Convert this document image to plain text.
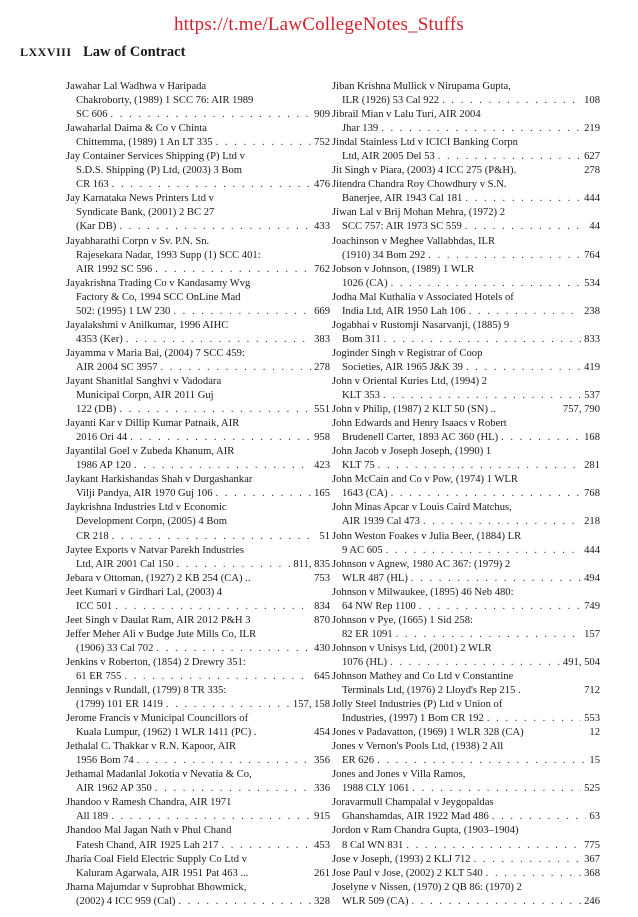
https://t.me/LawCollegeNotes_Stuffs
LXXVIII Law of Contract
Jawahar Lal Wadhwa v Haripada
Chakroborty, (1989) 1 SCC 76: AIR 1989
SC 606 . . .	909
Jawaharlal Daima & Co v Chinta
Chittemma, (1989) 1 An LT 335 . . .	752
Jay Container Services Shipping (P) Ltd v
S.D.S. Shipping (P) Ltd, (2003) 3 Bom
CR 163 . . .	476
Jay Karnataka News Printers Ltd v
Syndicate Bank, (2001) 2 BC 27
(Kar DB) . . .	433
Jayabharathi Corpn v Sv. P.N. Sn.
Rajesekara Nadar, 1993 Supp (1) SCC 401:
AIR 1992 SC 596 . . .	762
Jayakrishna Trading Co v Kandasamy Wvg
Factory & Co, 1994 SCC OnLine Mad
502: (1995) 1 LW 230 . . .	669
Jayalakshmi v Anilkumar, 1996 AIHC
4353 (Ker) . . .	383
Jayamma v Maria Bai, (2004) 7 SCC 459:
AIR 2004 SC 3957 . . .	278
Jayant Shanitlal Sanghvi v Vadodara
Municipal Corpn, AIR 2011 Guj
122 (DB) . . .	551
Jayanti Kar v Dillip Kumar Patnaik, AIR
2016 Ori 44 . . .	958
Jayantilal Goel v Zubeda Khanum, AIR
1986 AP 120 . . .	423
Jaykant Harkishandas Shah v Durgashankar
Vilji Pandya, AIR 1970 Guj 106 . . .	165
Jaykrishna Industries Ltd v Economic
Development Corpn, (2005) 4 Bom
CR 218 . . .	51
Jaytee Exports v Natvar Parekh Industries
Ltd, AIR 2001 Cal 150 . . .	811, 835
Jebara v Ottoman, (1927) 2 KB 254 (CA) ..	753
Jeet Kumari v Girdhari Lal, (2003) 4
ICC 501 . . .	834
Jeet Singh v Daulat Ram, AIR 2012 P&H 3	870
Jeffer Meher Ali v Budge Jute Mills Co, ILR
(1906) 33 Cal 702 . . .	430
Jenkins v Roberton, (1854) 2 Drewry 351:
61 ER 755 . . .	645
Jennings v Rundall, (1799) 8 TR 335:
(1799) 101 ER 1419 . . .	157, 158
Jerome Francis v Municipal Councillors of
Kuala Lumpur, (1962) 1 WLR 1411 (PC) .	454
Jethalal C. Thakkar v R.N. Kapoor, AIR
1956 Bom 74 . . .	356
Jethamal Madanlal Jokotia v Nevatia & Co,
AIR 1962 AP 350 . . .	336
Jhandoo v Ramesh Chandra, AIR 1971
All 189 . . .	915
Jhandoo Mal Jagan Nath v Phul Chand
Fatesh Chand, AIR 1925 Lah 217 . . .	453
Jharia Coal Field Electric Supply Co Ltd v
Kaluram Agarwala, AIR 1951 Pat 463 ...	261
Jharna Majumdar v Suprobhat Bhowmick,
(2002) 4 ICC 959 (Cal) . . .	328
Jiban Krishna Mullick v Nirupama Gupta,
ILR (1926) 53 Cal 922 . . .	108
Jibrail Mian v Lalu Turi, AIR 2004
Jhar 139 . . .	219
Jindal Stainless Ltd v ICICI Banking Corpn
Ltd, AIR 2005 Del 53 . . .	627
Jit Singh v Piara, (2003) 4 ICC 275 (P&H).	278
Jitendra Chandra Roy Chowdhury v S.N.
Banerjee, AIR 1943 Cal 181 . . .	444
Jiwan Lal v Brij Mohan Mehra, (1972) 2
SCC 757: AIR 1973 SC 559 . . .	44
Joachinson v Meghee Vallabhdas, ILR
(1910) 34 Bom 292 . . .	764
Jobson v Johnson, (1989) 1 WLR
1026 (CA) . . .	534
Jodha Mal Kuthalia v Associated Hotels of
India Ltd, AIR 1950 Lah 106 . . .	238
Jogabhai v Rustomji Nasarvanji, (1885) 9
Bom 311 . . .	833
Joginder Singh v Registrar of Coop
Societies, AIR 1965 J&K 39 . . .	419
John v Oriental Kuries Ltd, (1994) 2
KLT 353 . . .	537
John v Philip, (1987) 2 KLT 50 (SN) ..	757, 790
John Edwards and Henry Isaacs v Robert
Brudenell Carter, 1893 AC 360 (HL) . . .	168
John Jacob v Joseph Joseph, (1990) 1
KLT 75 . . .	281
John McCain and Co v Pow, (1974) 1 WLR
1643 (CA) . . .	768
John Minas Apcar v Louis Caird Matchus,
AIR 1939 Cal 473 . . .	218
John Weston Foakes v Julia Beer, (1884) LR
9 AC 605 . . .	444
Johnson v Agnew, 1980 AC 367: (1979) 2
WLR 487 (HL) . . .	494
Johnson v Milwaukee, (1895) 46 Neb 480:
64 NW Rep 1100 . . .	749
Johnson v Pye, (1665) 1 Sid 258:
82 ER 1091 . . .	157
Johnson v Unisys Ltd, (2001) 2 WLR
1076 (HL) . . .	491, 504
Johnson Mathey and Co Ltd v Constantine
Terminals Ltd, (1976) 2 Lloyd's Rep 215 .	712
Jolly Steel Industries (P) Ltd v Union of
Industries, (1997) 1 Bom CR 192 . . .	553
Jones v Padavatton, (1969) 1 WLR 328 (CA)	12
Jones v Vernon's Pools Ltd, (1938) 2 All
ER 626 . . .	15
Jones and Jones v Villa Ramos,
1988 CLY 1061 . . .	525
Joravarmull Champalal v Jeygopaldas
Ghanshamdas, AIR 1922 Mad 486 . . .	63
Jordon v Ram Chandra Gupta, (1903–1904)
8 Cal WN 831 . . .	775
Jose v Joseph, (1993) 2 KLJ 712 . . .	367
Jose Paul v Jose, (2002) 2 KLT 540 . . .	368
Joselyne v Nissen, (1970) 2 QB 86: (1970) 2
WLR 509 (CA) . . .	246
